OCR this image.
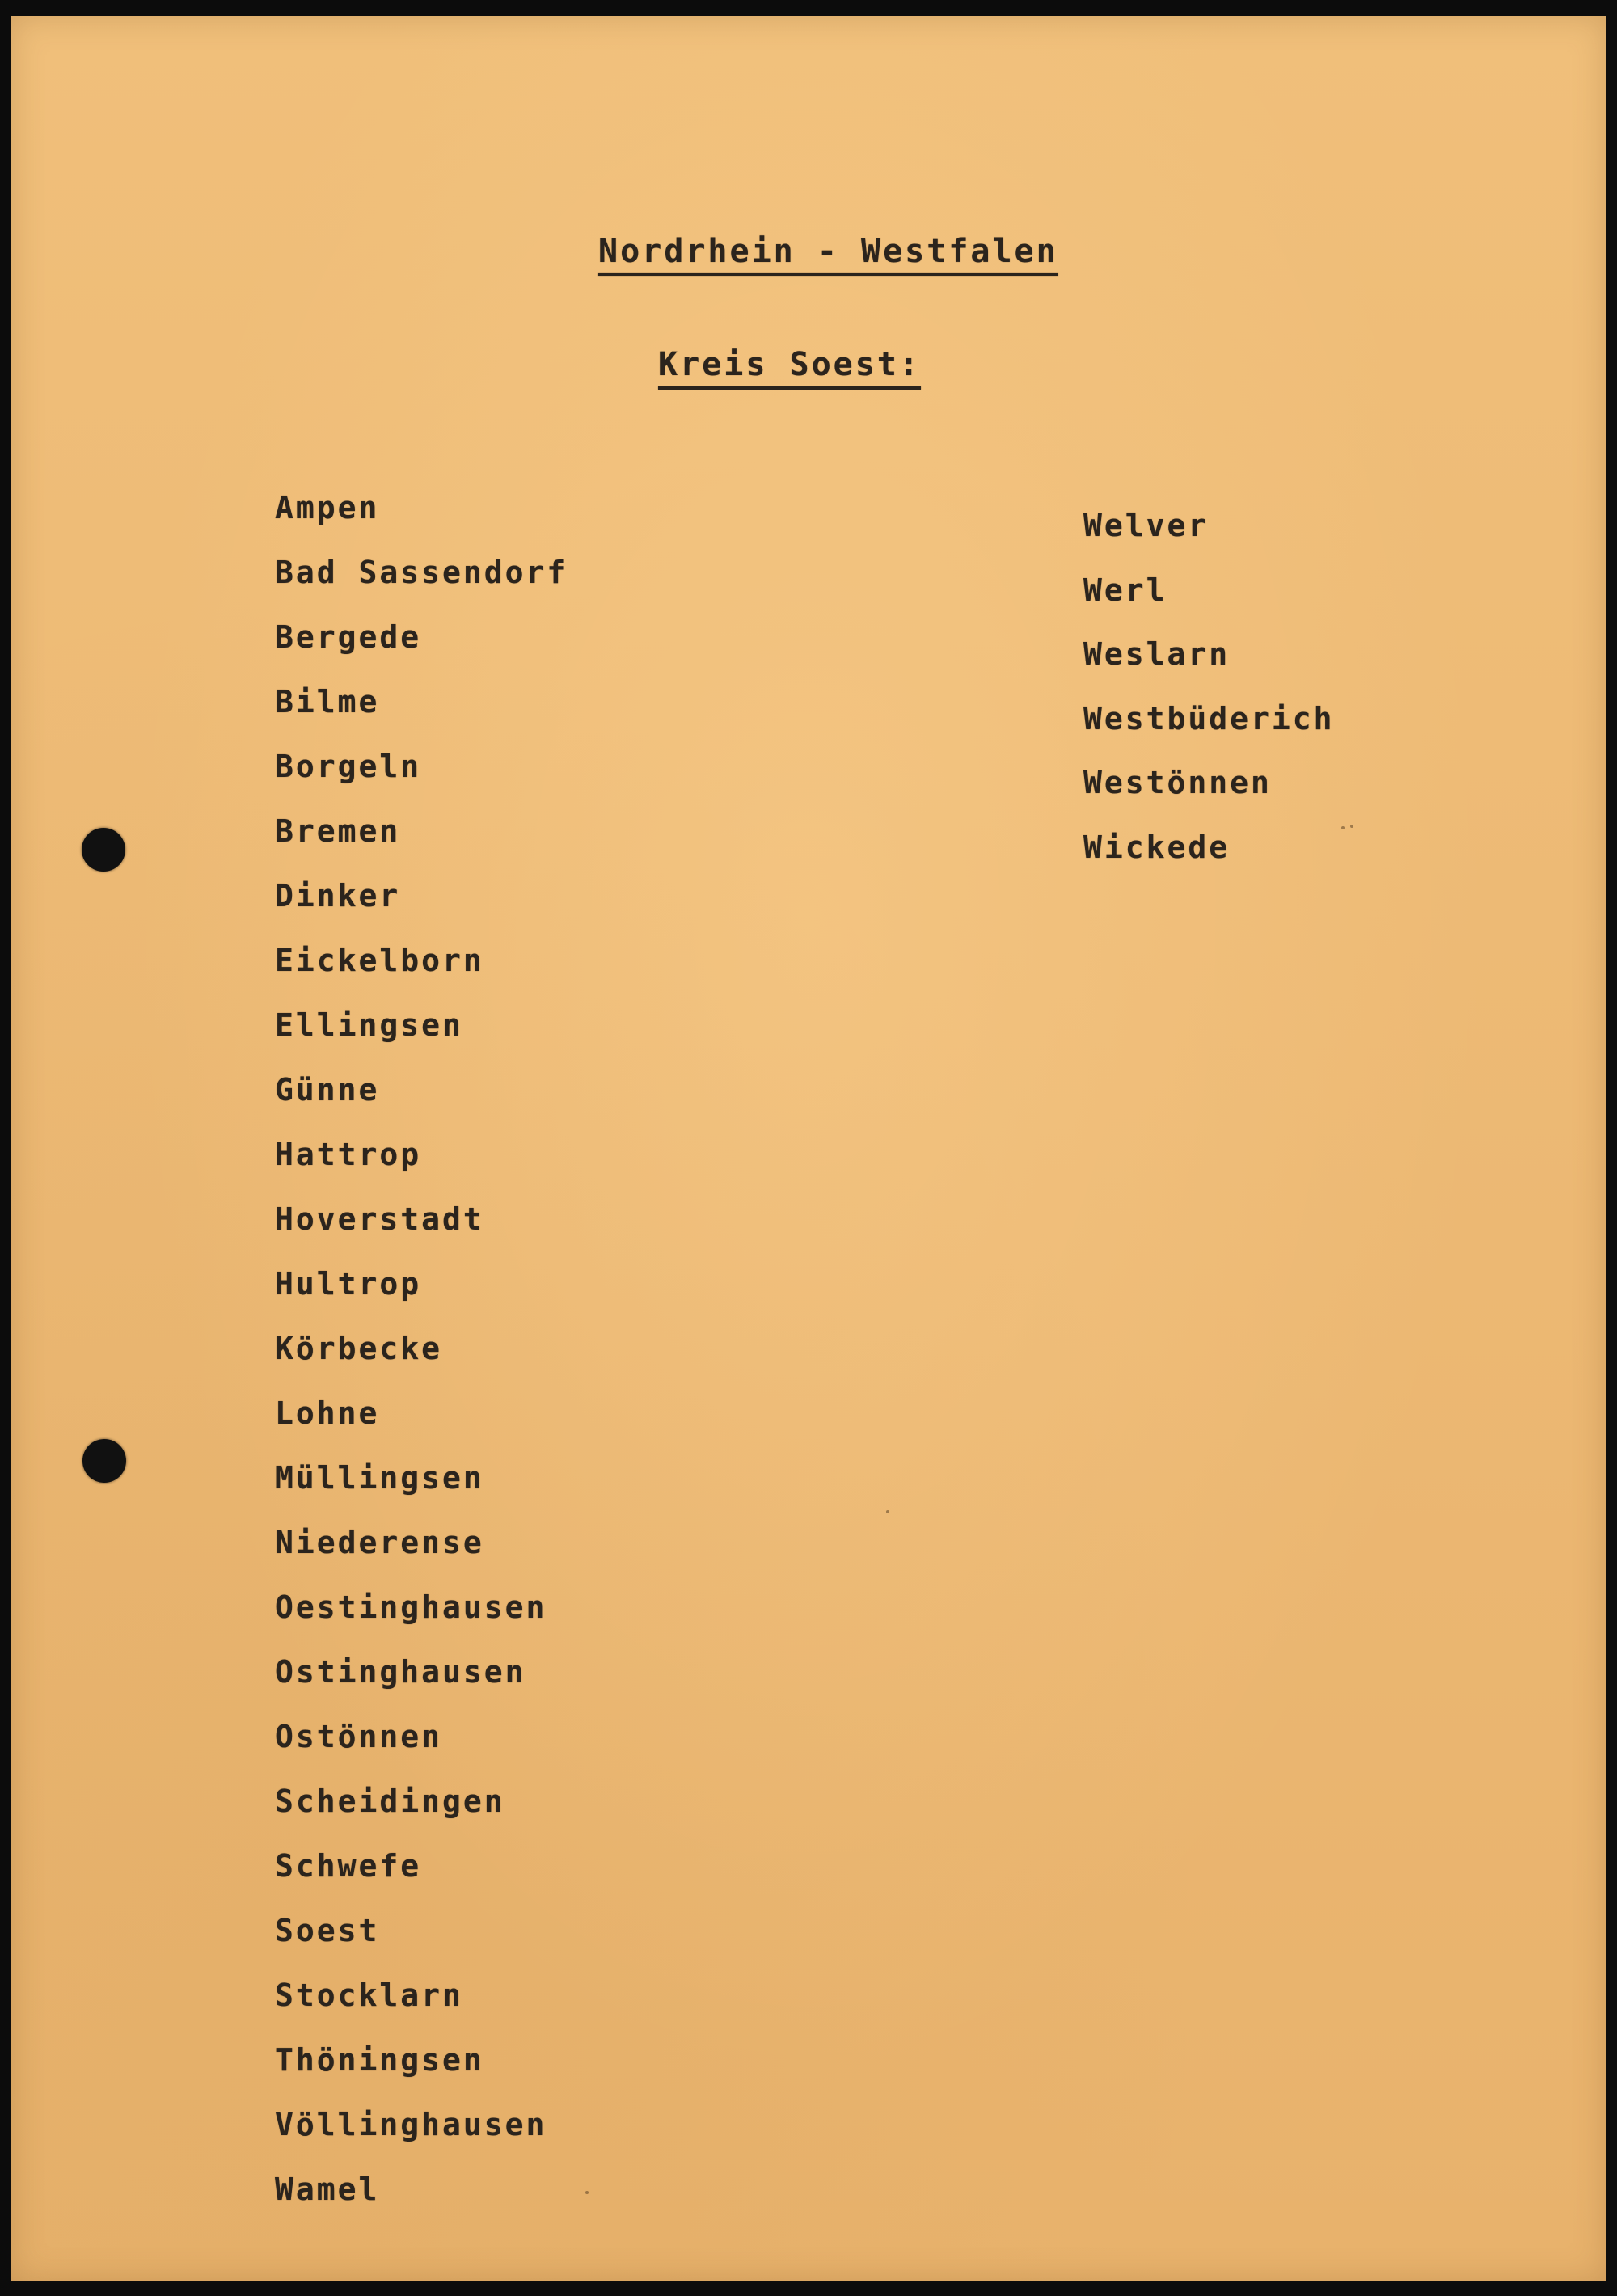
Nordrhein - Westfalen
Kreis Soest:
Ampen
Bad Sassendorf
Bergede
Bilme
Borgeln
Bremen
Dinker
Eickelborn
Ellingsen
Günne
Hattrop
Hoverstadt
Hultrop
Körbecke
Lohne
Müllingsen
Niederense
Oestinghausen
Ostinghausen
Ostönnen
Scheidingen
Schwefe
Soest
Stocklarn
Thöningsen
Völlinghausen
Wamel
Welver
Werl
Weslarn
Westbüderich
Westönnen
Wickede
